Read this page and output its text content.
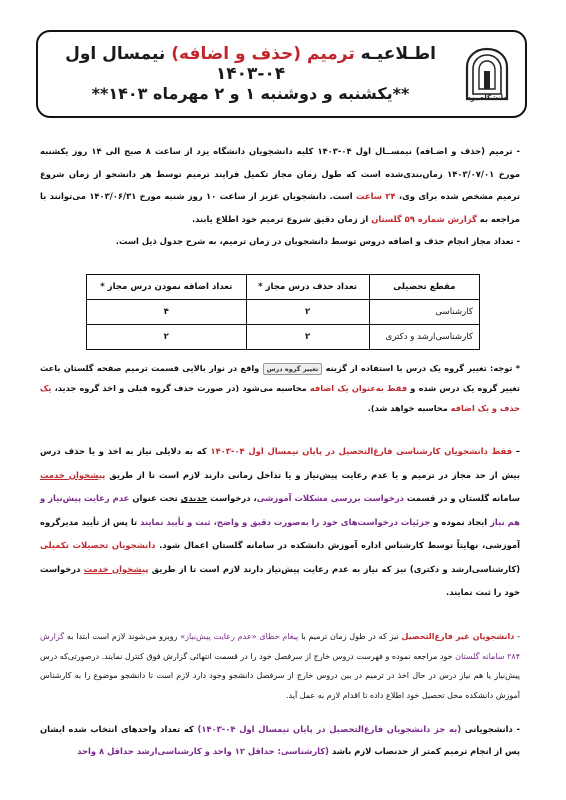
دانشگاه یزد
اطـلاعیـه ترمیم (حذف و اضافه) نیمسال اول ۰۴-۱۴۰۳
**یکشنبه و دوشنبه ۱ و ۲ مهرماه ۱۴۰۳**

- ترمیم (حذف و اضـافه) نیمســال اول ۰۴-۱۴۰۳ کلیه دانشجویان دانشگاه یزد از ساعت ۸ صبح الی ۱۴ روز یکشنبه مورخ ۱۴۰۳/۰۷/۰۱ زمان‌بندی‌شده است که طول زمان مجاز تکمیل فرایند ترمیم توسط هر دانشجو از زمان شروع ترمیم مشخص شده برای وی، ۲۴ ساعت است. دانشجویان عزیز از ساعت ۱۰ روز شنبه مورخ ۱۴۰۳/۰۶/۳۱ می‌توانند با مراجعه به گزارش شماره ۵۹ گلستان از زمان دقیق شروع ترمیم خود اطلاع یابند.

- تعداد مجاز انجام حذف و اضافه دروس توسط دانشجویان در زمان ترمیم، به شرح جدول ذیل است.

مقطع تحصیلی	تعداد حذف درس مجاز *	تعداد اضافه نمودن درس مجاز *
کارشناسی	۲	۴
کارشناسی‌ارشد و دکتری	۲	۲
* توجه: تغییر گروه یک درس با استفاده از گزینه تغییر گروه درس واقع در نوار بالایی قسمت ترمیم صفحه گلستان باعث تغییر گروه یک درس شده و فقط به‌عنوان یک اضافه محاسبه می‌شود (در صورت حذف گروه قبلی و اخذ گروه جدید، یک حذف و یک اضافه محاسبه خواهد شد).
– فقط دانشجویان کارشناسی فارغ‌التحصیل در پایان نیمسال اول ۰۴-۱۴۰۳ که به دلایلی نیاز به اخذ و یا حذف درس بیش از حد مجاز در ترمیم و یا عدم رعایت پیش‌نیاز و یا تداخل زمانی دارند لازم است تا از طریق پیشخوان خدمت سامانه گلستان و در قسمت درخواست بررسی مشکلات آموزشی، درخواست جدیدی تحت عنوان عدم رعایت پیش‌نیاز و هم نیاز ایجاد نموده و جزئیات درخواست‌های خود را به‌صورت دقیق و واضح، ثبت و تأیید نمایند تا پس از تأیید مدیرگروه آموزشی، نهایتاً توسط کارشناس اداره آموزش دانشکده در سامانه گلستان اعمال شود. دانشجویان تحصیلات تکمیلی (کارشناسی‌ارشد و دکتری) نیز که نیاز به عدم رعایت پیش‌نیاز دارند لازم است تا از طریق پیشخوان خدمت درخواست خود را ثبت نمایند.
- دانشجویان غیر فارغ‌التحصیل نیز که در طول زمان ترمیم با پیغام خطای «عدم رعایت پیش‌نیاز» روبرو می‌شوند لازم است ابتدا به گزارش ۲۸۴ سامانه گلستان خود مراجعه نموده و فهرست دروس خارج از سرفصل خود را در قسمت انتهائی گزارش فوق کنترل نمایند. درصورتی‌که درس پیش‌نیاز یا هم نیاز درس در حال اخذ در ترمیم در بین دروس خارج از سرفصل دانشجو وجود دارد لازم است تا دانشجو موضوع را به کارشناس آموزش دانشکده محل تحصیل خود اطلاع داده تا اقدام لازم به عمل آید.
- دانشجویانی (به جز دانشجویان فارغ‌التحصیل در پایان نیمسال اول ۰۴-۱۴۰۳) که تعداد واحدهای انتخاب شده ایشان پس از انجام ترمیم کمتر از حدنصاب لازم باشد (کارشناسی: حداقل ۱۲ واحد و کارشناسی‌ارشد حداقل ۸ واحد
